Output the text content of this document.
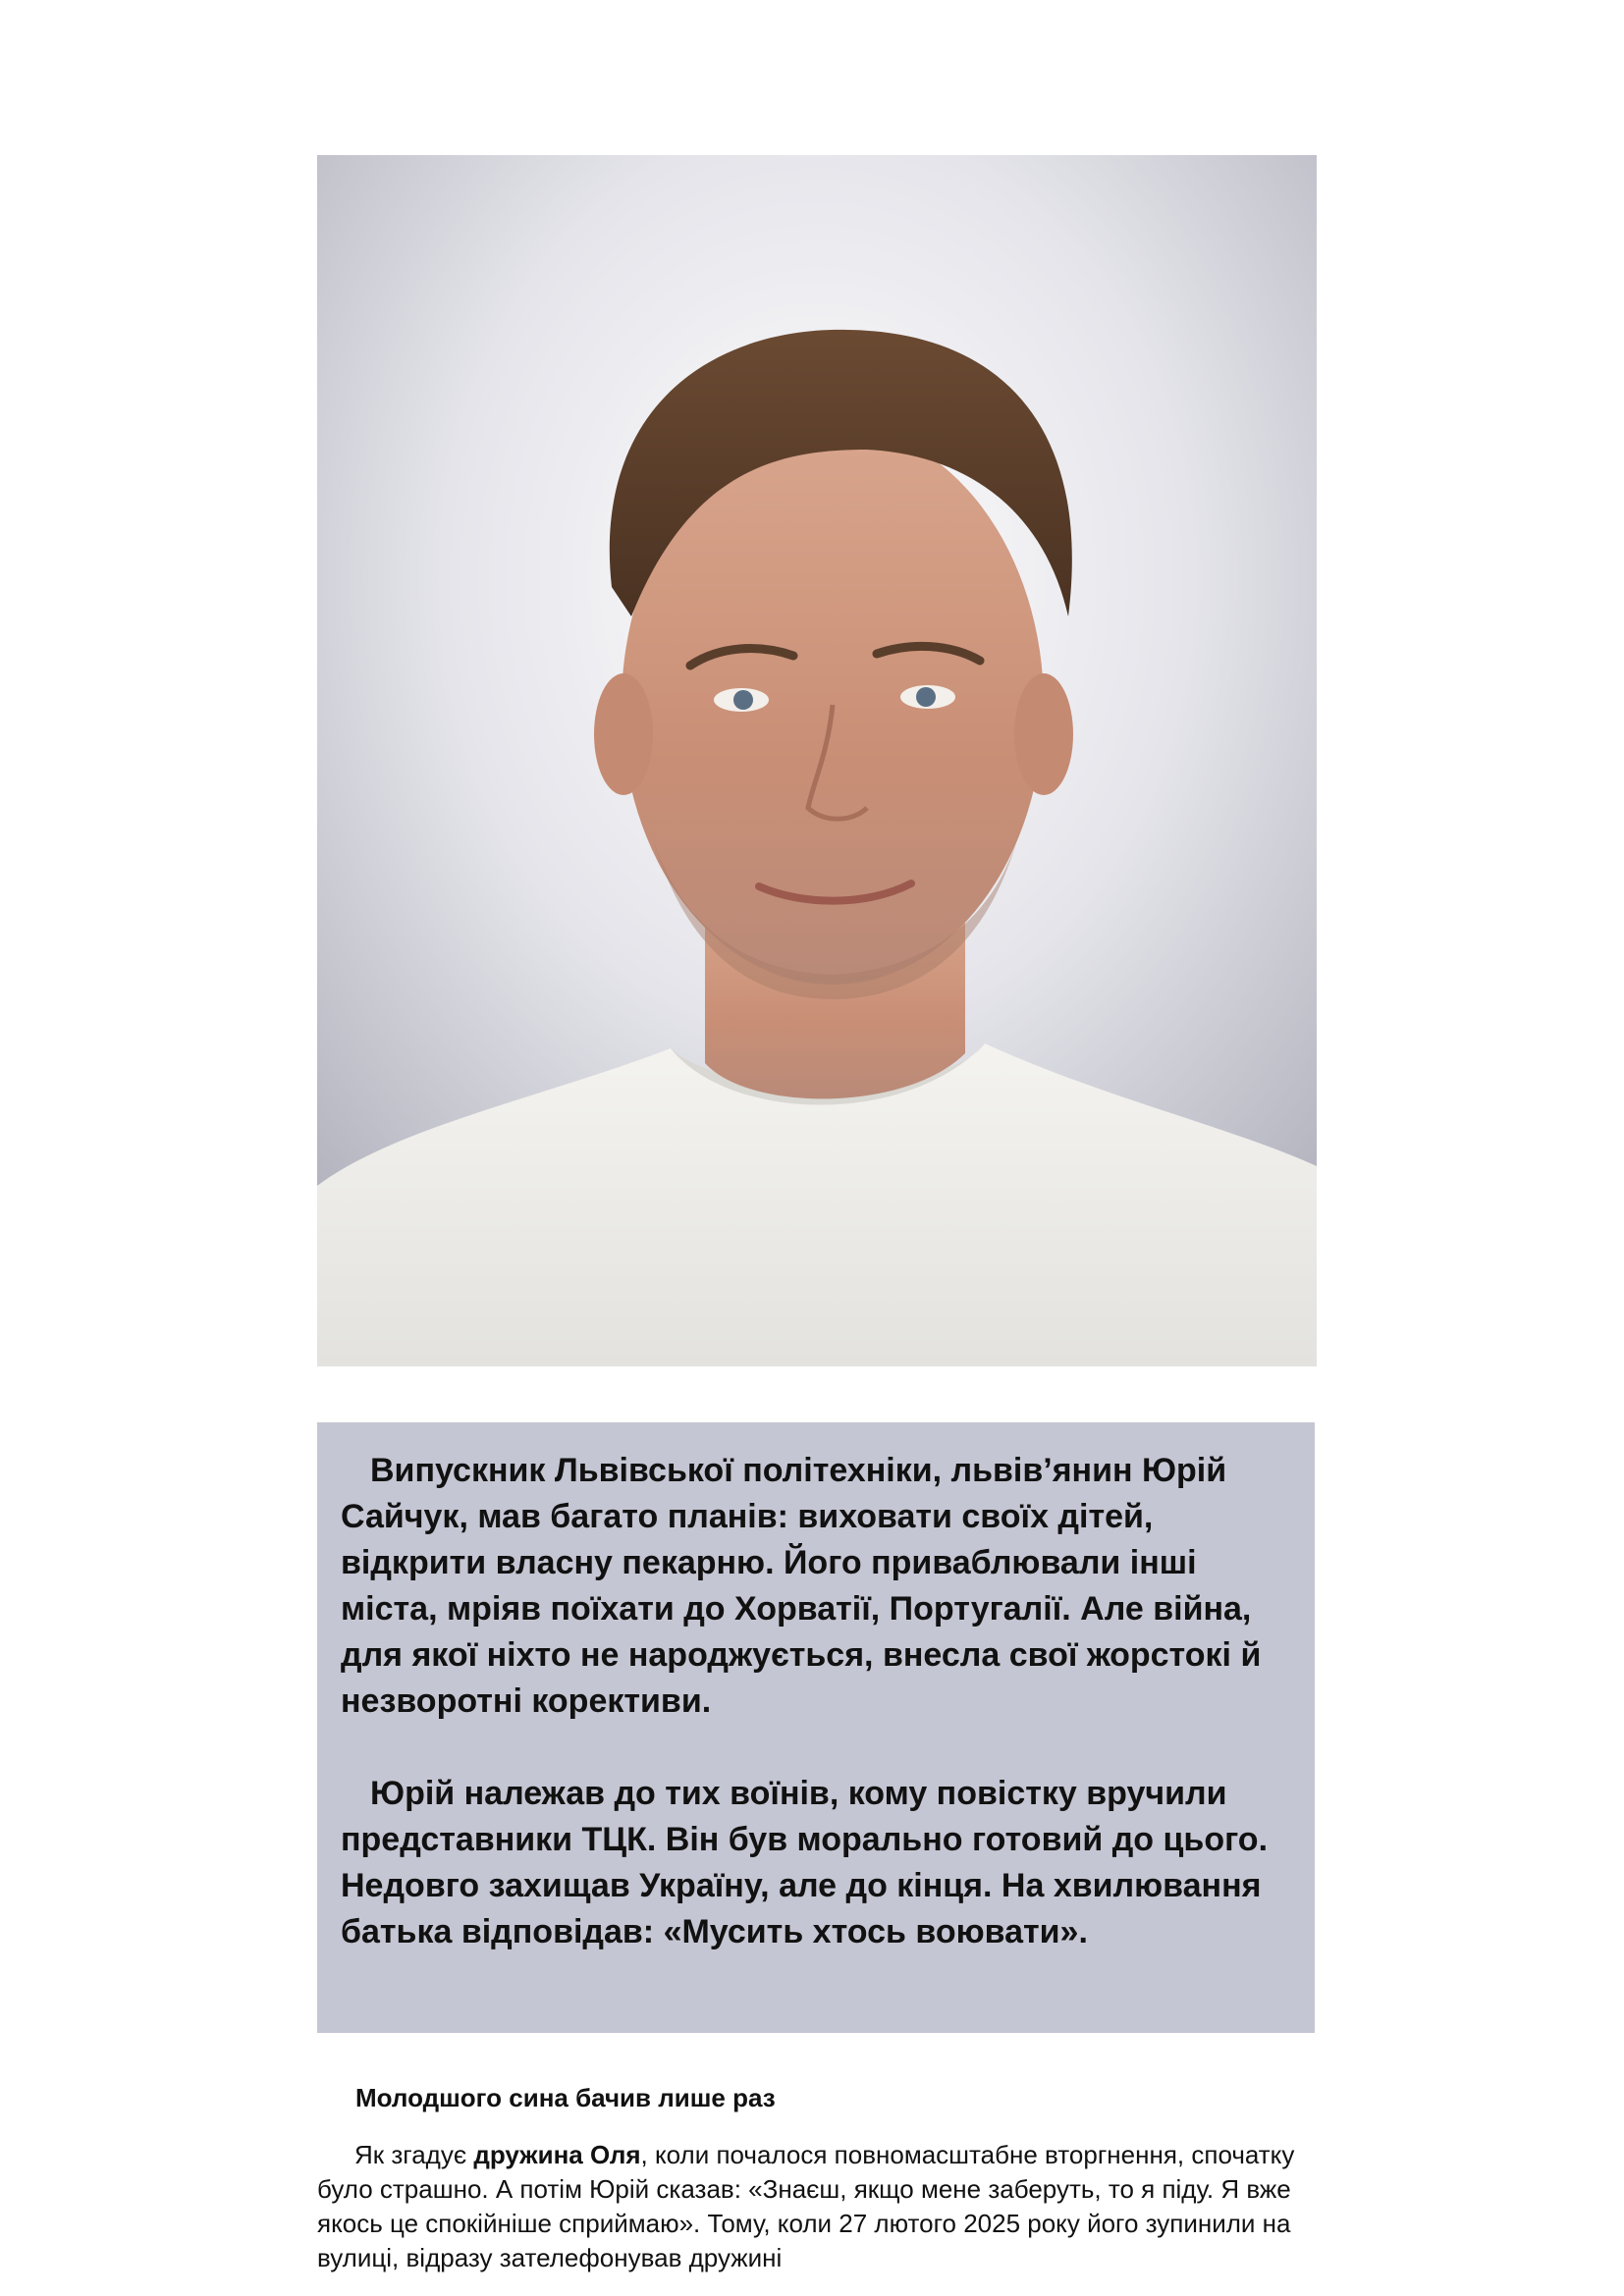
Випускник Львівської політехніки, львів’янин Юрій Сайчук, мав багато планів: виховати своїх дітей, відкрити власну пекарню. Його приваблювали інші міста, мріяв поїхати до Хорватії, Португалії. Але війна, для якої ніхто не народжується, внесла свої жорстокі й незворотні корективи.

Юрій належав до тих воїнів, кому повістку вручили представники ТЦК. Він був морально готовий до цього. Недовго захищав Україну, але до кінця. На хвилювання батька відповідав: «Мусить хтось воювати».

Молодшого сина бачив лише раз

Як згадує дружина Оля, коли почалося повномасштабне вторгнення, спочатку було страшно. А потім Юрій сказав: «Знаєш, якщо мене заберуть, то я піду. Я вже якось це спокійніше сприймаю». Тому, коли 27 лютого 2025 року його зупинили на вулиці, відразу зателефонував дружині
